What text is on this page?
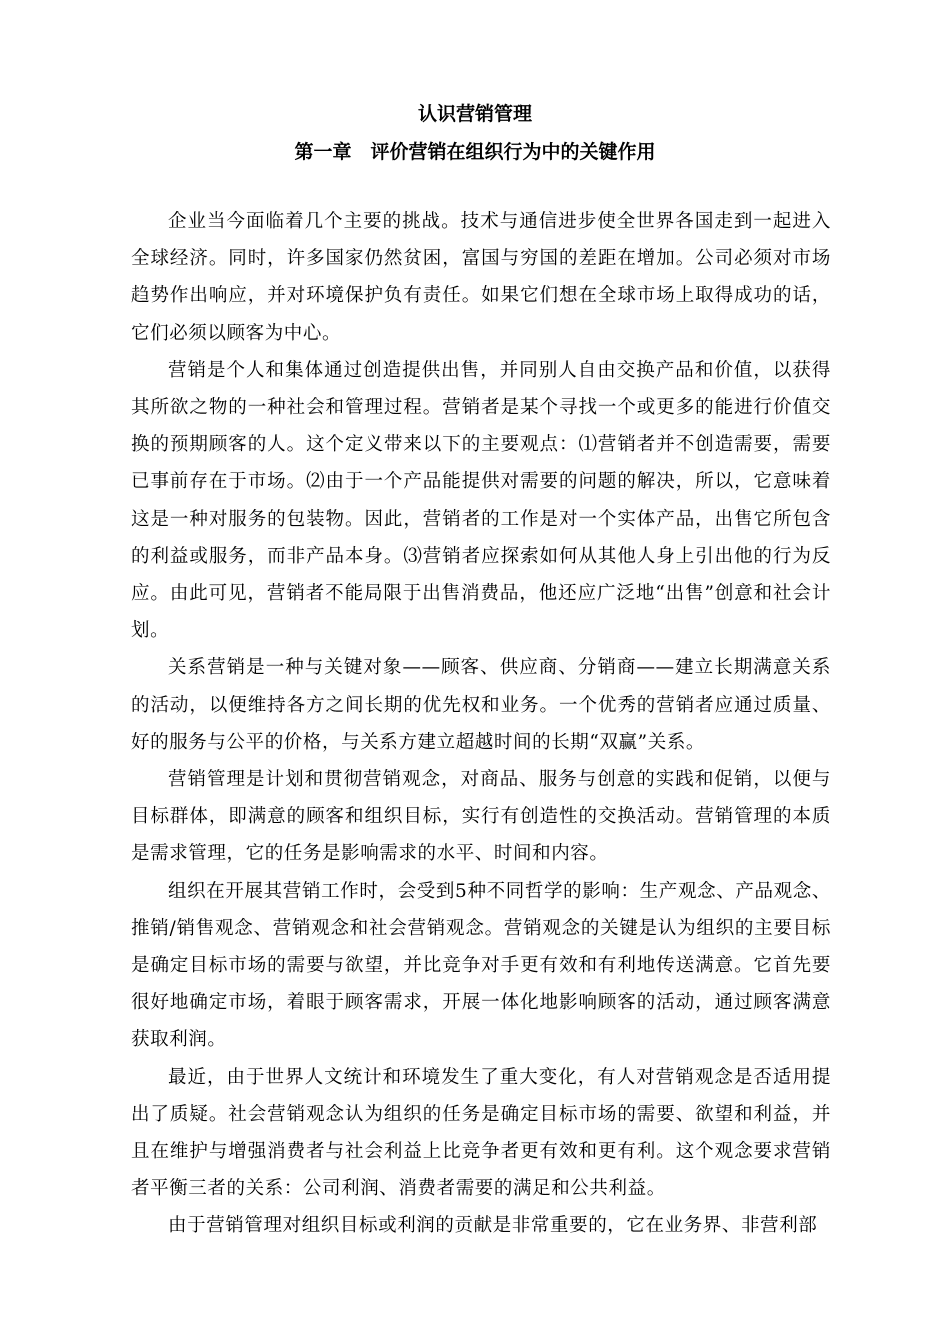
认识营销管理
第一章　评价营销在组织行为中的关键作用

企业当今面临着几个主要的挑战。技术与通信进步使全世界各国走到一起进入全球经济。同时，许多国家仍然贫困，富国与穷国的差距在增加。公司必须对市场趋势作出响应，并对环境保护负有责任。如果它们想在全球市场上取得成功的话，它们必须以顾客为中心。

营销是个人和集体通过创造提供出售，并同别人自由交换产品和价值，以获得其所欲之物的一种社会和管理过程。营销者是某个寻找一个或更多的能进行价值交换的预期顾客的人。这个定义带来以下的主要观点：⑴营销者并不创造需要，需要已事前存在于市场。⑵由于一个产品能提供对需要的问题的解决，所以，它意味着这是一种对服务的包装物。因此，营销者的工作是对一个实体产品，出售它所包含的利益或服务，而非产品本身。⑶营销者应探索如何从其他人身上引出他的行为反应。由此可见，营销者不能局限于出售消费品，他还应广泛地“出售”创意和社会计划。

关系营销是一种与关键对象——顾客、供应商、分销商——建立长期满意关系的活动，以便维持各方之间长期的优先权和业务。一个优秀的营销者应通过质量、好的服务与公平的价格，与关系方建立超越时间的长期“双赢”关系。

营销管理是计划和贯彻营销观念，对商品、服务与创意的实践和促销，以便与目标群体，即满意的顾客和组织目标，实行有创造性的交换活动。营销管理的本质是需求管理，它的任务是影响需求的水平、时间和内容。

组织在开展其营销工作时，会受到5种不同哲学的影响：生产观念、产品观念、推销/销售观念、营销观念和社会营销观念。营销观念的关键是认为组织的主要目标是确定目标市场的需要与欲望，并比竞争对手更有效和有利地传送满意。它首先要很好地确定市场，着眼于顾客需求，开展一体化地影响顾客的活动，通过顾客满意获取利润。

最近，由于世界人文统计和环境发生了重大变化，有人对营销观念是否适用提出了质疑。社会营销观念认为组织的任务是确定目标市场的需要、欲望和利益，并且在维护与增强消费者与社会利益上比竞争者更有效和更有利。这个观念要求营销者平衡三者的关系：公司利润、消费者需要的满足和公共利益。

由于营销管理对组织目标或利润的贡献是非常重要的，它在业务界、非营利部
